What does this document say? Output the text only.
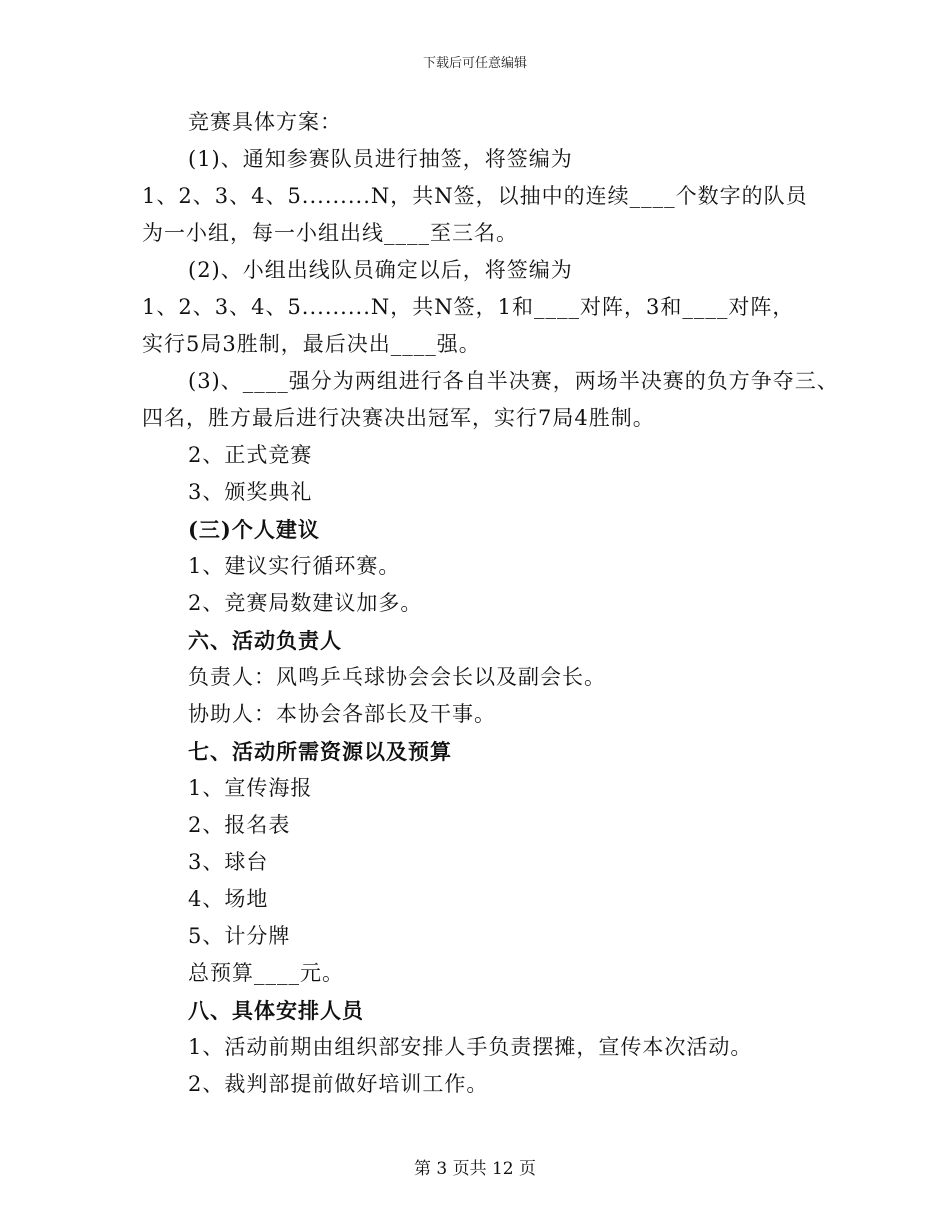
下载后可任意编辑
竞赛具体方案：
(1)、通知参赛队员进行抽签，将签编为
1、2、3、4、5.........N，共N签，以抽中的连续____个数字的队员
为一小组，每一小组出线____至三名。
(2)、小组出线队员确定以后，将签编为
1、2、3、4、5.........N，共N签，1和____对阵，3和____对阵，
实行5局3胜制，最后决出____强。
(3)、____强分为两组进行各自半决赛，两场半决赛的负方争夺三、
四名，胜方最后进行决赛决出冠军，实行7局4胜制。
2、正式竞赛
3、颁奖典礼
(三)个人建议
1、建议实行循环赛。
2、竞赛局数建议加多。
六、活动负责人
负责人：风鸣乒乓球协会会长以及副会长。
协助人：本协会各部长及干事。
七、活动所需资源以及预算
1、宣传海报
2、报名表
3、球台
4、场地
5、计分牌
总预算____元。
八、具体安排人员
1、活动前期由组织部安排人手负责摆摊，宣传本次活动。
2、裁判部提前做好培训工作。
第 3 页共 12 页
